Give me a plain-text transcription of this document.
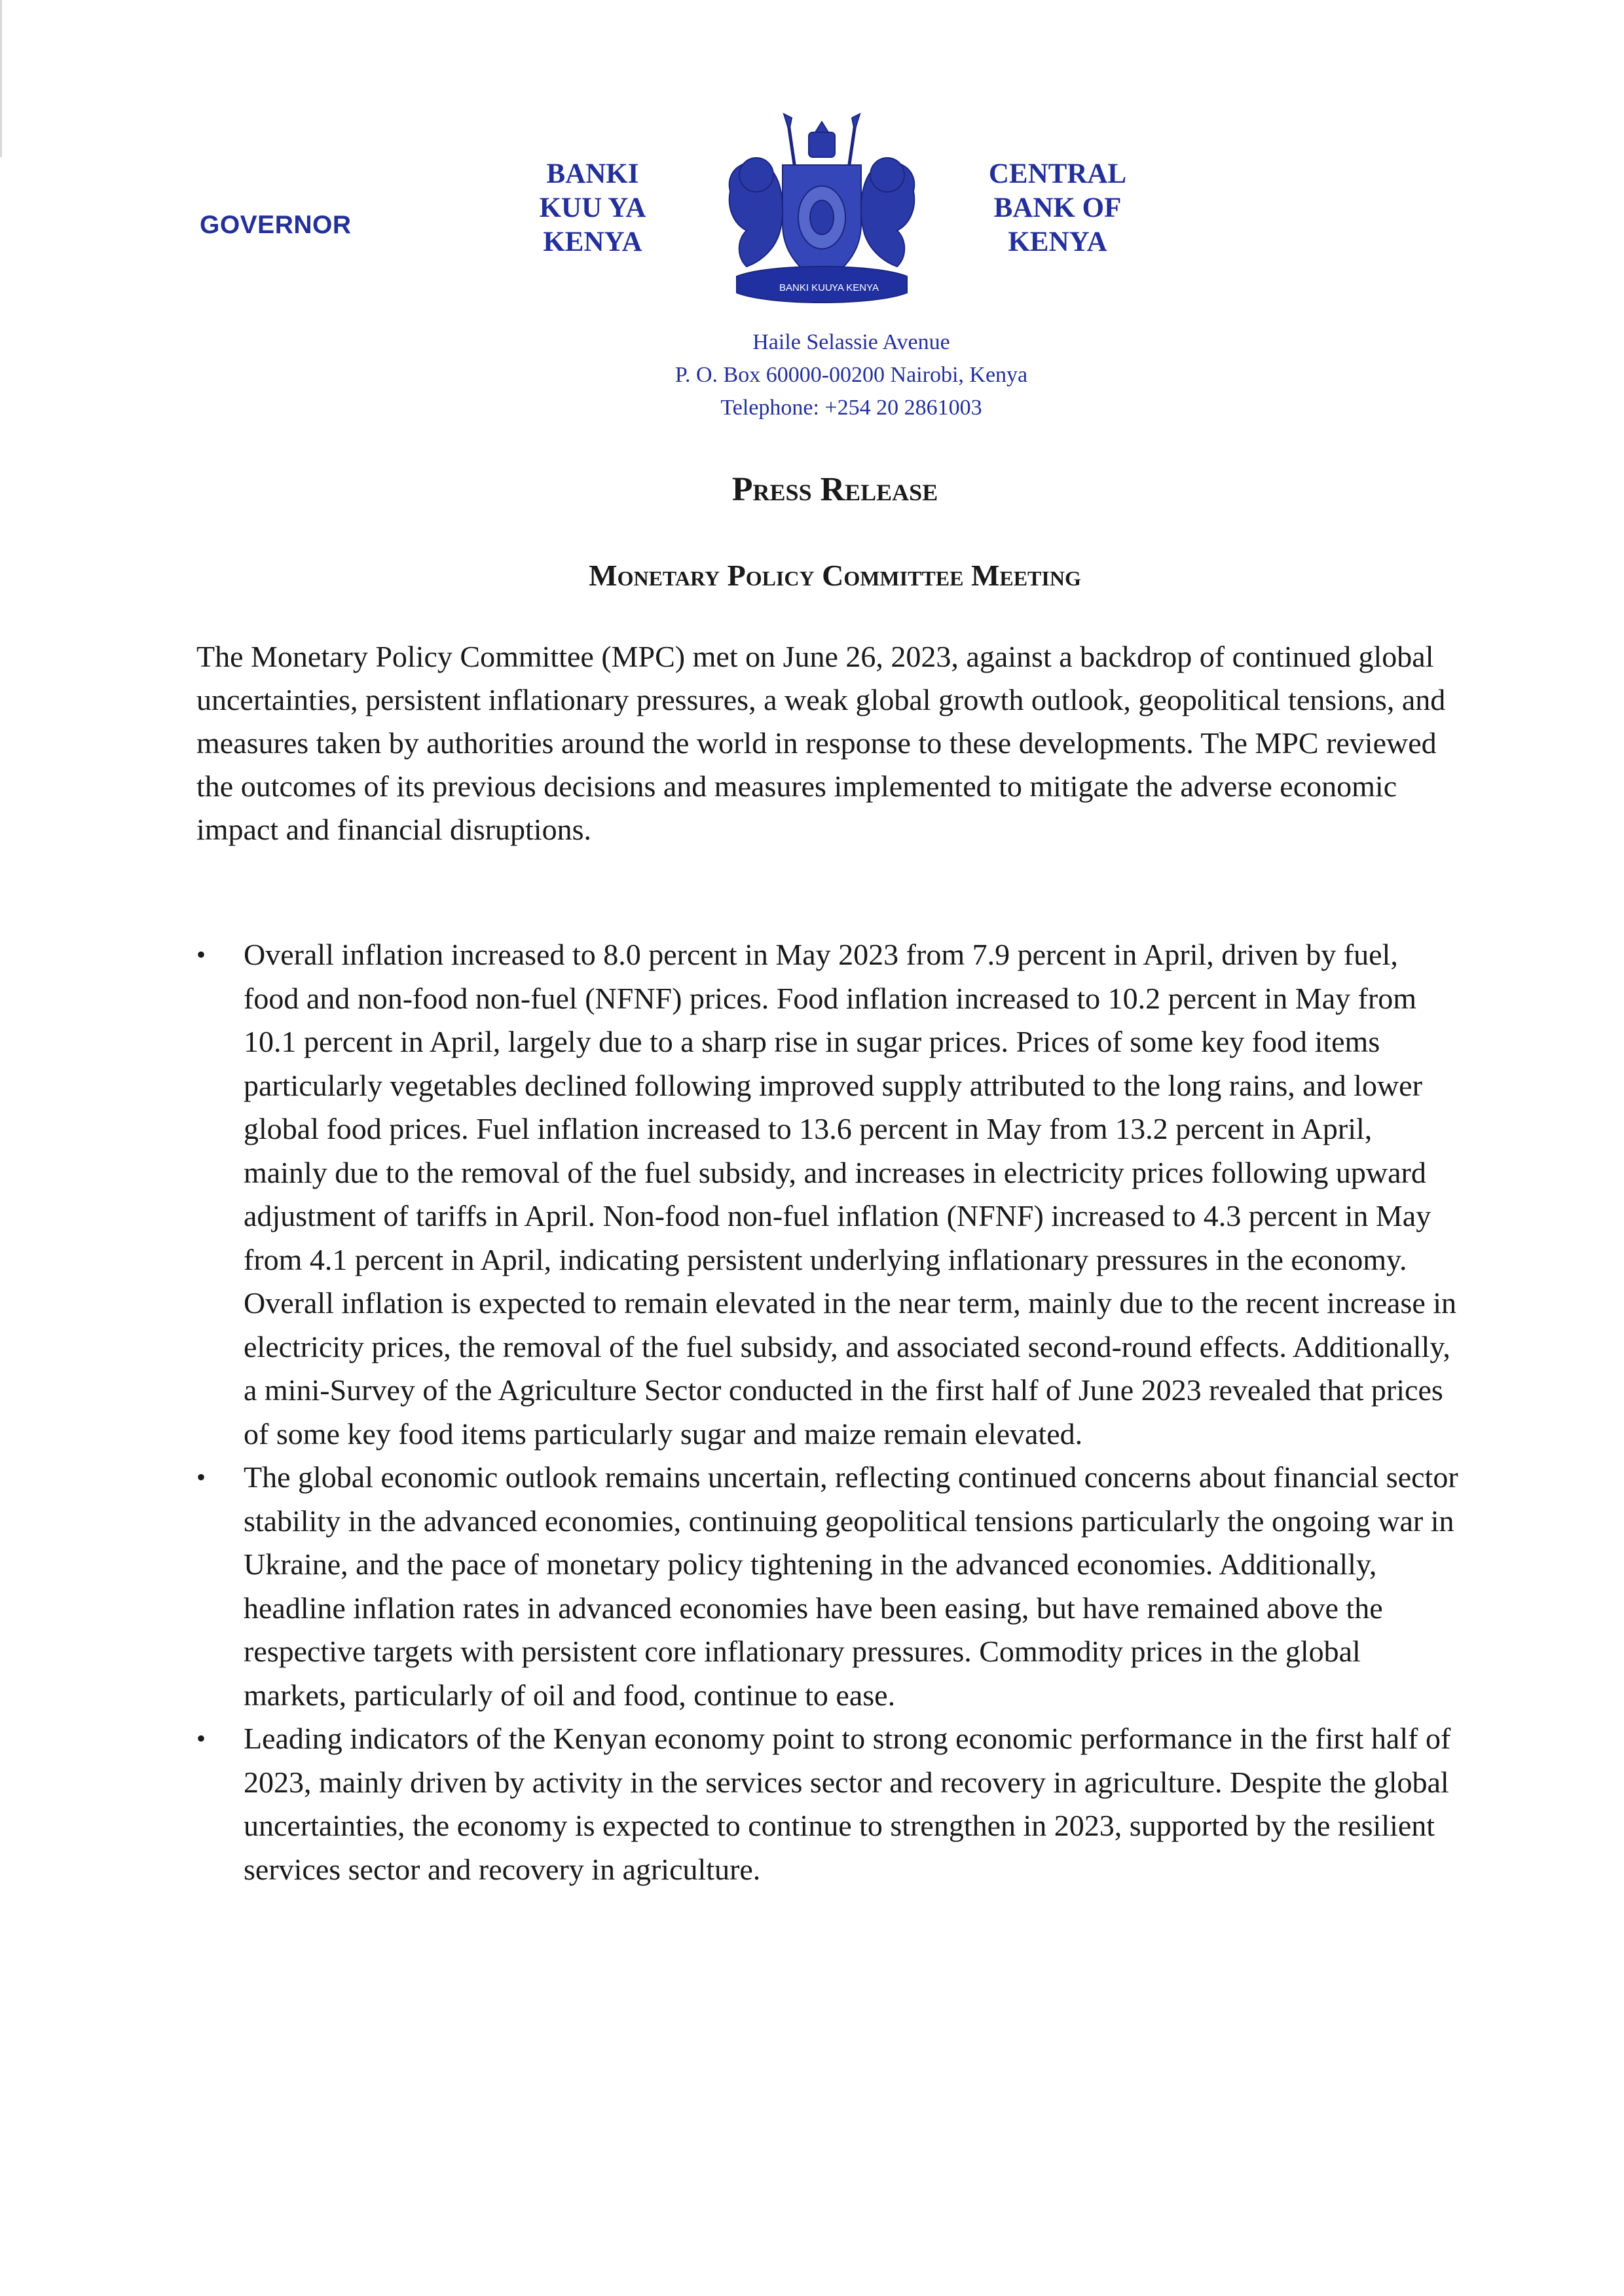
GOVERNOR
BANKI
KUU YA
KENYA
BANKI KUU YA KENYA
CENTRAL
BANK OF
KENYA
Haile Selassie Avenue
P. O. Box 60000-00200 Nairobi, Kenya
Telephone: +254 20 2861003
Press Release
Monetary Policy Committee Meeting

The Monetary Policy Committee (MPC) met on June 26, 2023, against a backdrop of continued global uncertainties, persistent inflationary pressures, a weak global growth outlook, geopolitical tensions, and measures taken by authorities around the world in response to these developments. The MPC reviewed the outcomes of its previous decisions and measures implemented to mitigate the adverse economic impact and financial disruptions.

• Overall inflation increased to 8.0 percent in May 2023 from 7.9 percent in April, driven by fuel, food and non-food non-fuel (NFNF) prices. Food inflation increased to 10.2 percent in May from 10.1 percent in April, largely due to a sharp rise in sugar prices. Prices of some key food items particularly vegetables declined following improved supply attributed to the long rains, and lower global food prices. Fuel inflation increased to 13.6 percent in May from 13.2 percent in April, mainly due to the removal of the fuel subsidy, and increases in electricity prices following upward adjustment of tariffs in April. Non-food non-fuel inflation (NFNF) increased to 4.3 percent in May from 4.1 percent in April, indicating persistent underlying inflationary pressures in the economy. Overall inflation is expected to remain elevated in the near term, mainly due to the recent increase in electricity prices, the removal of the fuel subsidy, and associated second-round effects. Additionally, a mini-Survey of the Agriculture Sector conducted in the first half of June 2023 revealed that prices of some key food items particularly sugar and maize remain elevated.
• The global economic outlook remains uncertain, reflecting continued concerns about financial sector stability in the advanced economies, continuing geopolitical tensions particularly the ongoing war in Ukraine, and the pace of monetary policy tightening in the advanced economies. Additionally, headline inflation rates in advanced economies have been easing, but have remained above the respective targets with persistent core inflationary pressures. Commodity prices in the global markets, particularly of oil and food, continue to ease.
• Leading indicators of the Kenyan economy point to strong economic performance in the first half of 2023, mainly driven by activity in the services sector and recovery in agriculture. Despite the global uncertainties, the economy is expected to continue to strengthen in 2023, supported by the resilient services sector and recovery in agriculture.
